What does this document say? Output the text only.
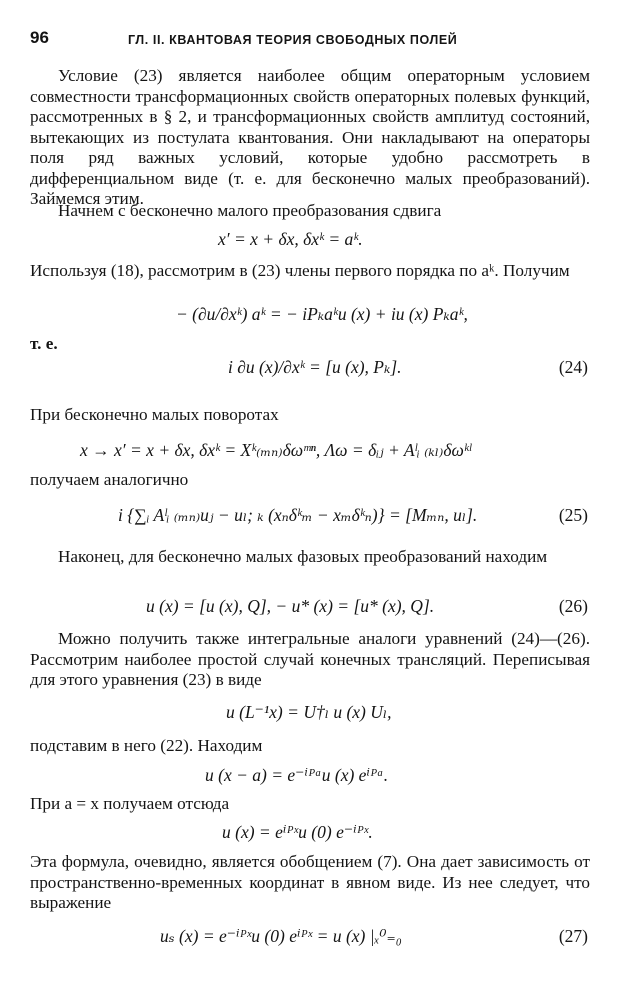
96	ГЛ. II. КВАНТОВАЯ ТЕОРИЯ СВОБОДНЫХ ПОЛЕЙ
Условие (23) является наиболее общим операторным условием совместности трансформационных свойств операторных полевых функций, рассмотренных в § 2, и трансформационных свойств амплитуд состояний, вытекающих из постулата квантования. Они накладывают на операторы поля ряд важных условий, которые удобно рассмотреть в дифференциальном виде (т. е. для бесконечно малых преобразований). Займемся этим.
Начнем с бесконечно малого преобразования сдвига
x′ = x + δx, δxᵏ = aᵏ.
Используя (18), рассмотрим в (23) члены первого порядка по aᵏ. Получим
− (∂u/∂xᵏ) aᵏ = − iPₖaᵏu (x) + iu (x) Pₖaᵏ,
т. е.
i ∂u (x)/∂xᵏ = [u (x), Pₖ].	(24)
При бесконечно малых поворотах
x → x′ = x + δx, δxᵏ = Xᵏ₍ₘₙ₎δωᵐⁿ, Λω = δᵢⱼ + Aˡᵢ ₍ₖₗ₎δωᵏˡ
получаем аналогично
i {∑ᵢ Aˡᵢ ₍ₘₙ₎uⱼ − uₗ; ₖ (xₙδᵏₘ − xₘδᵏₙ)} = [Mₘₙ, uₗ].	(25)
Наконец, для бесконечно малых фазовых преобразований находим
u (x) = [u (x), Q], − u* (x) = [u* (x), Q].	(26)
Можно получить также интегральные аналоги уравнений (24)—(26). Рассмотрим наиболее простой случай конечных трансляций. Переписывая для этого уравнения (23) в виде
u (L⁻¹x) = U†ₗ u (x) Uₗ,
подставим в него (22). Находим
u (x − a) = e⁻ⁱᴾᵃu (x) eⁱᴾᵃ.
При a = x получаем отсюда
u (x) = eⁱᴾˣu (0) e⁻ⁱᴾˣ.
Эта формула, очевидно, является обобщением (7). Она дает зависимость от пространственно-временных координат в явном виде. Из нее следует, что выражение
uₛ (x) = e⁻ⁱᴾˣu (0) eⁱᴾˣ = u (x) |ₓ⁰₌₀	(27)
